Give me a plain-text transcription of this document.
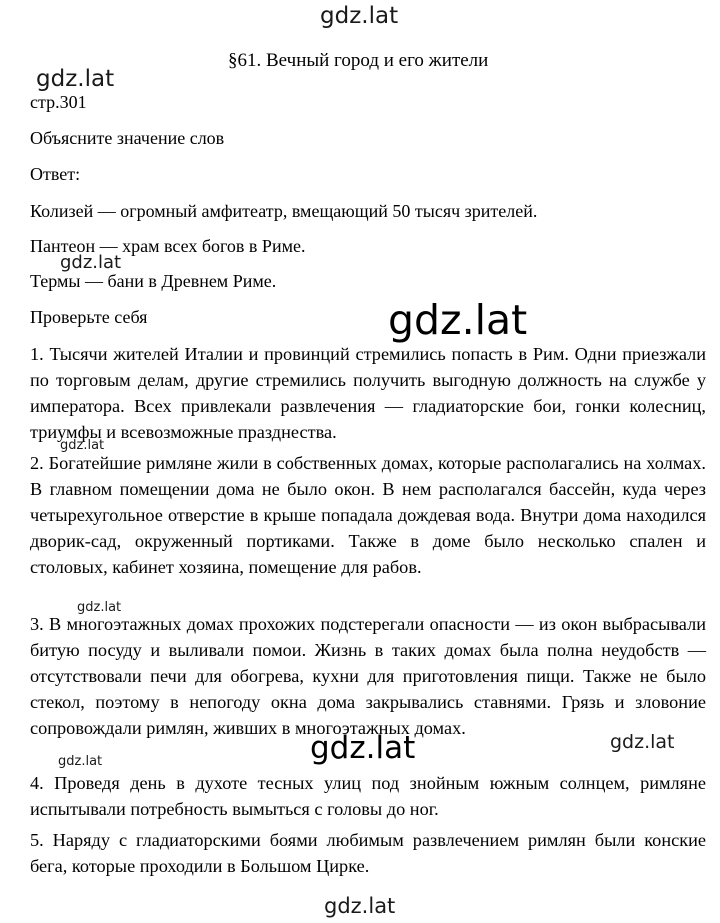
gdz.lat
gdz.lat
gdz.lat
§61. Вечный город и его жители
стр.301
Объясните значение слов
Ответ:
Колизей — огромный амфитеатр, вмещающий 50 тысяч зрителей.
Пантеон — храм всех богов в Риме.
Термы — бани в Древнем Риме.
Проверьте себя
1. Тысячи жителей Италии и провинций стремились попасть в Рим. Одни приезжали по торговым делам, другие стремились получить выгодную должность на службе у императора. Всех привлекали развлечения — гладиаторские бои, гонки колесниц, триумфы и всевозможные празднества.
2. Богатейшие римляне жили в собственных домах, которые располагались на холмах. В главном помещении дома не было окон. В нем располагался бассейн, куда через четырехугольное отверстие в крыше попадала дождевая вода. Внутри дома находился дворик-сад, окруженный портиками. Также в доме было несколько спален и столовых, кабинет хозяина, помещение для рабов.
3. В многоэтажных домах прохожих подстерегали опасности — из окон выбрасывали битую посуду и выливали помои. Жизнь в таких домах была полна неудобств — отсутствовали печи для обогрева, кухни для приготовления пищи. Также не было стекол, поэтому в непогоду окна дома закрывались ставнями. Грязь и зловоние сопровождали римлян, живших в многоэтажных домах.
4. Проведя день в духоте тесных улиц под знойным южным солнцем, римляне испытывали потребность вымыться с головы до ног.
5. Наряду с гладиаторскими боями любимым развлечением римлян были конские бега, которые проходили в Большом Цирке.
gdz.lat
gdz.lat
gdz.lat
gdz.lat	gdz.lat
gdz.lat
gdz.lat
